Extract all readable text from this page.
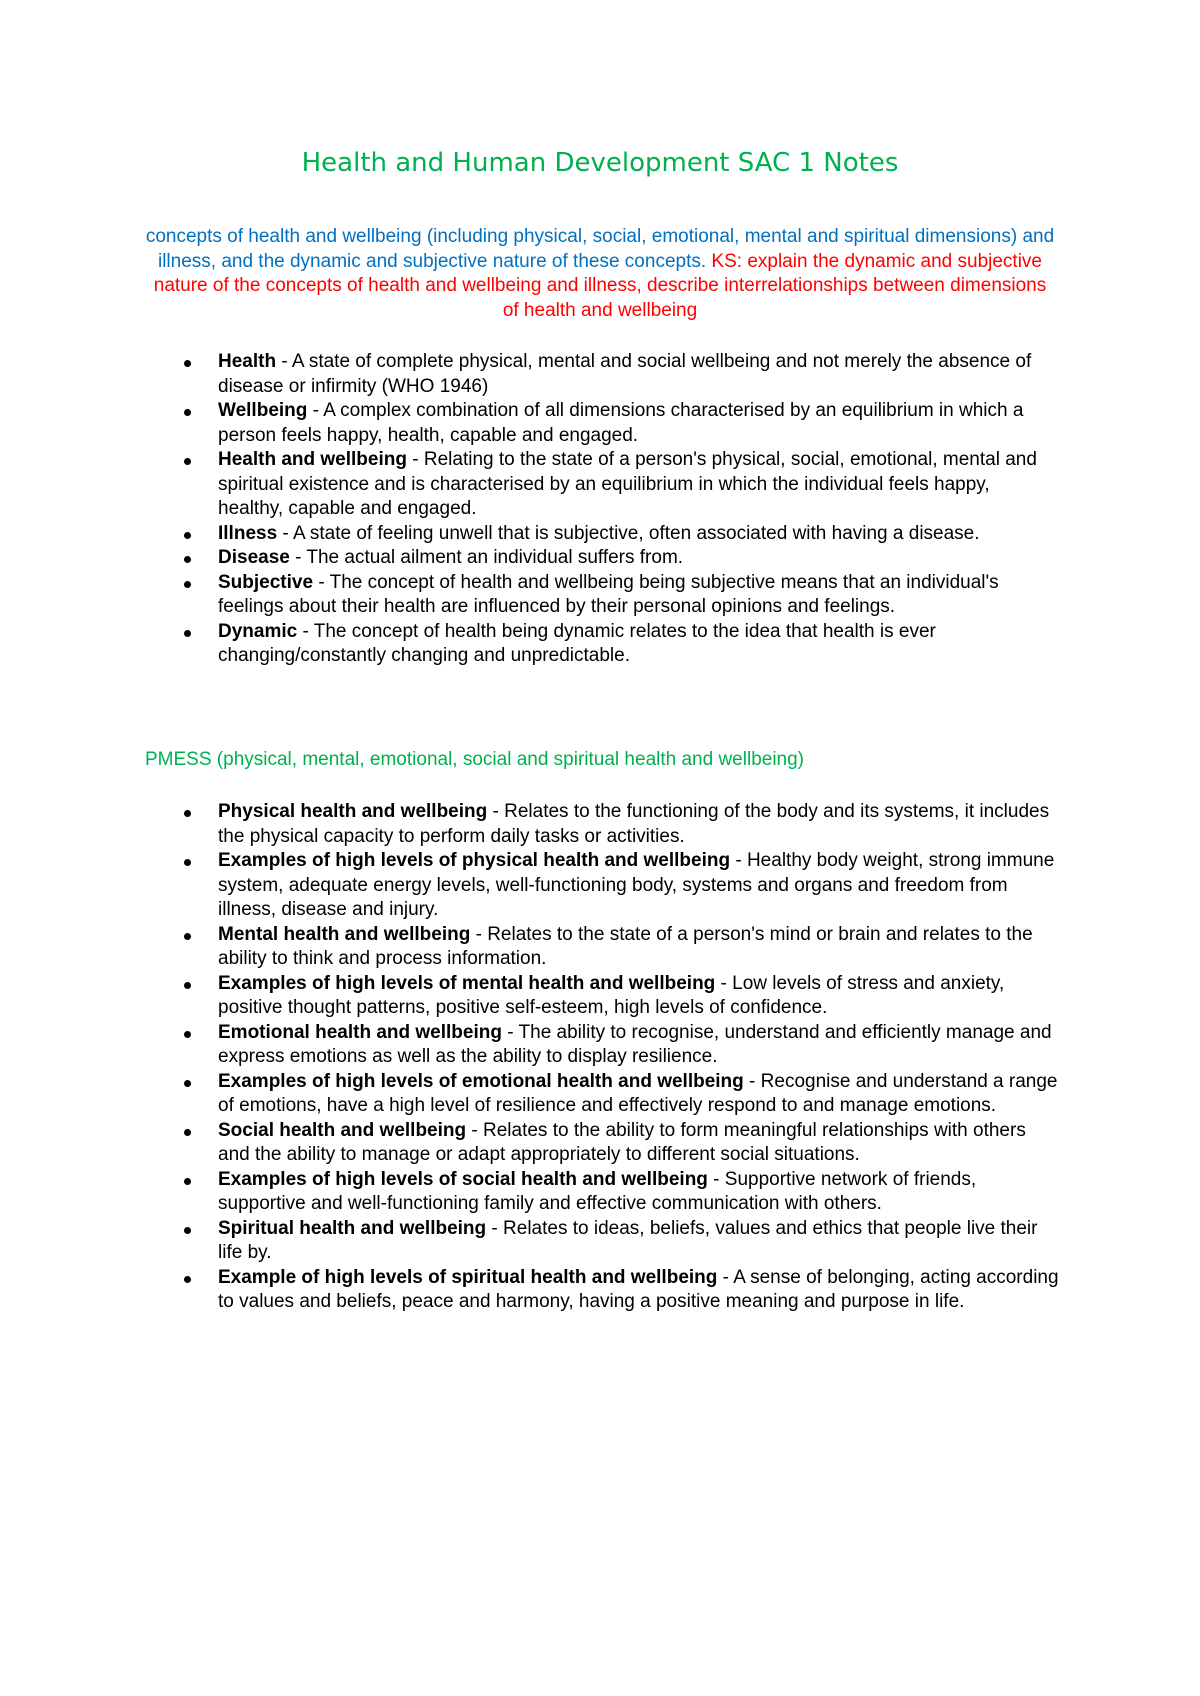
Health and Human Development SAC 1 Notes

concepts of health and wellbeing (including physical, social, emotional, mental and spiritual dimensions) and illness, and the dynamic and subjective nature of these concepts. KS: explain the dynamic and subjective nature of the concepts of health and wellbeing and illness, describe interrelationships between dimensions of health and wellbeing

Health - A state of complete physical, mental and social wellbeing and not merely the absence of disease or infirmity (WHO 1946)
Wellbeing - A complex combination of all dimensions characterised by an equilibrium in which a person feels happy, health, capable and engaged.
Health and wellbeing - Relating to the state of a person's physical, social, emotional, mental and spiritual existence and is characterised by an equilibrium in which the individual feels happy, healthy, capable and engaged.
Illness - A state of feeling unwell that is subjective, often associated with having a disease.
Disease - The actual ailment an individual suffers from.
Subjective - The concept of health and wellbeing being subjective means that an individual's feelings about their health are influenced by their personal opinions and feelings.
Dynamic - The concept of health being dynamic relates to the idea that health is ever changing/constantly changing and unpredictable.

PMESS (physical, mental, emotional, social and spiritual health and wellbeing)

Physical health and wellbeing - Relates to the functioning of the body and its systems, it includes the physical capacity to perform daily tasks or activities.
Examples of high levels of physical health and wellbeing - Healthy body weight, strong immune system, adequate energy levels, well-functioning body, systems and organs and freedom from illness, disease and injury.
Mental health and wellbeing - Relates to the state of a person's mind or brain and relates to the ability to think and process information.
Examples of high levels of mental health and wellbeing - Low levels of stress and anxiety, positive thought patterns, positive self-esteem, high levels of confidence.
Emotional health and wellbeing - The ability to recognise, understand and efficiently manage and express emotions as well as the ability to display resilience.
Examples of high levels of emotional health and wellbeing - Recognise and understand a range of emotions, have a high level of resilience and effectively respond to and manage emotions.
Social health and wellbeing - Relates to the ability to form meaningful relationships with others and the ability to manage or adapt appropriately to different social situations.
Examples of high levels of social health and wellbeing - Supportive network of friends, supportive and well-functioning family and effective communication with others.
Spiritual health and wellbeing - Relates to ideas, beliefs, values and ethics that people live their life by.
Example of high levels of spiritual health and wellbeing - A sense of belonging, acting according to values and beliefs, peace and harmony, having a positive meaning and purpose in life.
